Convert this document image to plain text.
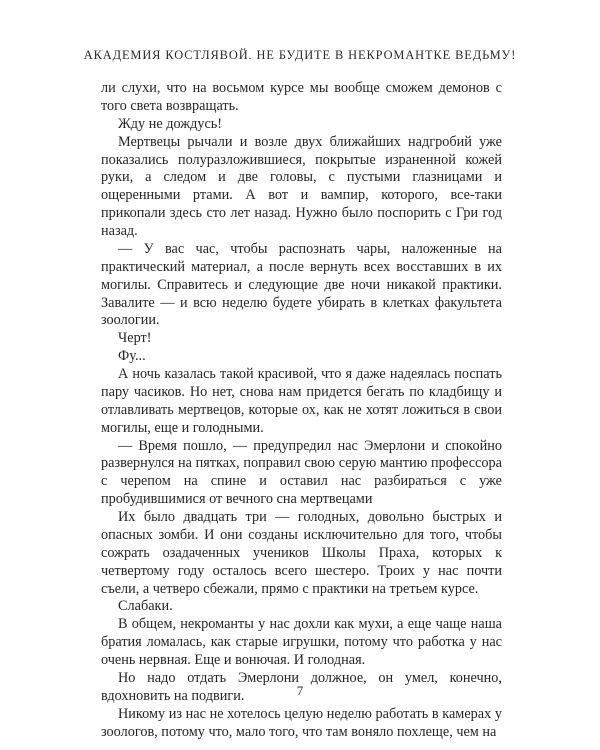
АКАДЕМИЯ КОСТЛЯВОЙ. НЕ БУДИТЕ В НЕКРОМАНТКЕ ВЕДЬМУ!

ли слухи, что на восьмом курсе мы вообще сможем демонов с того света возвращать.

Жду не дождусь!

Мертвецы рычали и возле двух ближайших надгробий уже показались полуразложившиеся, покрытые израненной кожей руки, а следом и две головы, с пустыми глазницами и ощеренными ртами. А вот и вампир, которого, все-таки прикопали здесь сто лет назад. Нужно было поспорить с Гри год назад.

— У вас час, чтобы распознать чары, наложенные на практический материал, а после вернуть всех восставших в их могилы. Справитесь и следующие две ночи никакой практики. Завалите — и всю неделю будете убирать в клетках факультета зоологии.

Черт!

Фу...

А ночь казалась такой красивой, что я даже надеялась поспать пару часиков. Но нет, снова нам придется бегать по кладбищу и отлавливать мертвецов, которые ох, как не хотят ложиться в свои могилы, еще и голодными.

— Время пошло, — предупредил нас Эмерлони и спокойно развернулся на пятках, поправил свою серую мантию профессора с черепом на спине и оставил нас разбираться с уже пробудившимися от вечного сна мертвецами

Их было двадцать три — голодных, довольно быстрых и опасных зомби. И они созданы исключительно для того, чтобы сожрать озадаченных учеников Школы Праха, которых к четвертому году осталось всего шестеро. Троих у нас почти съели, а четверо сбежали, прямо с практики на третьем курсе.

Слабаки.

В общем, некроманты у нас дохли как мухи, а еще чаще наша братия ломалась, как старые игрушки, потому что работка у нас очень нервная. Еще и вонючая. И голодная.

Но надо отдать Эмерлони должное, он умел, конечно, вдохновить на подвиги.

Никому из нас не хотелось целую неделю работать в камерах у зоологов, потому что, мало того, что там воняло похлеще, чем на

7
